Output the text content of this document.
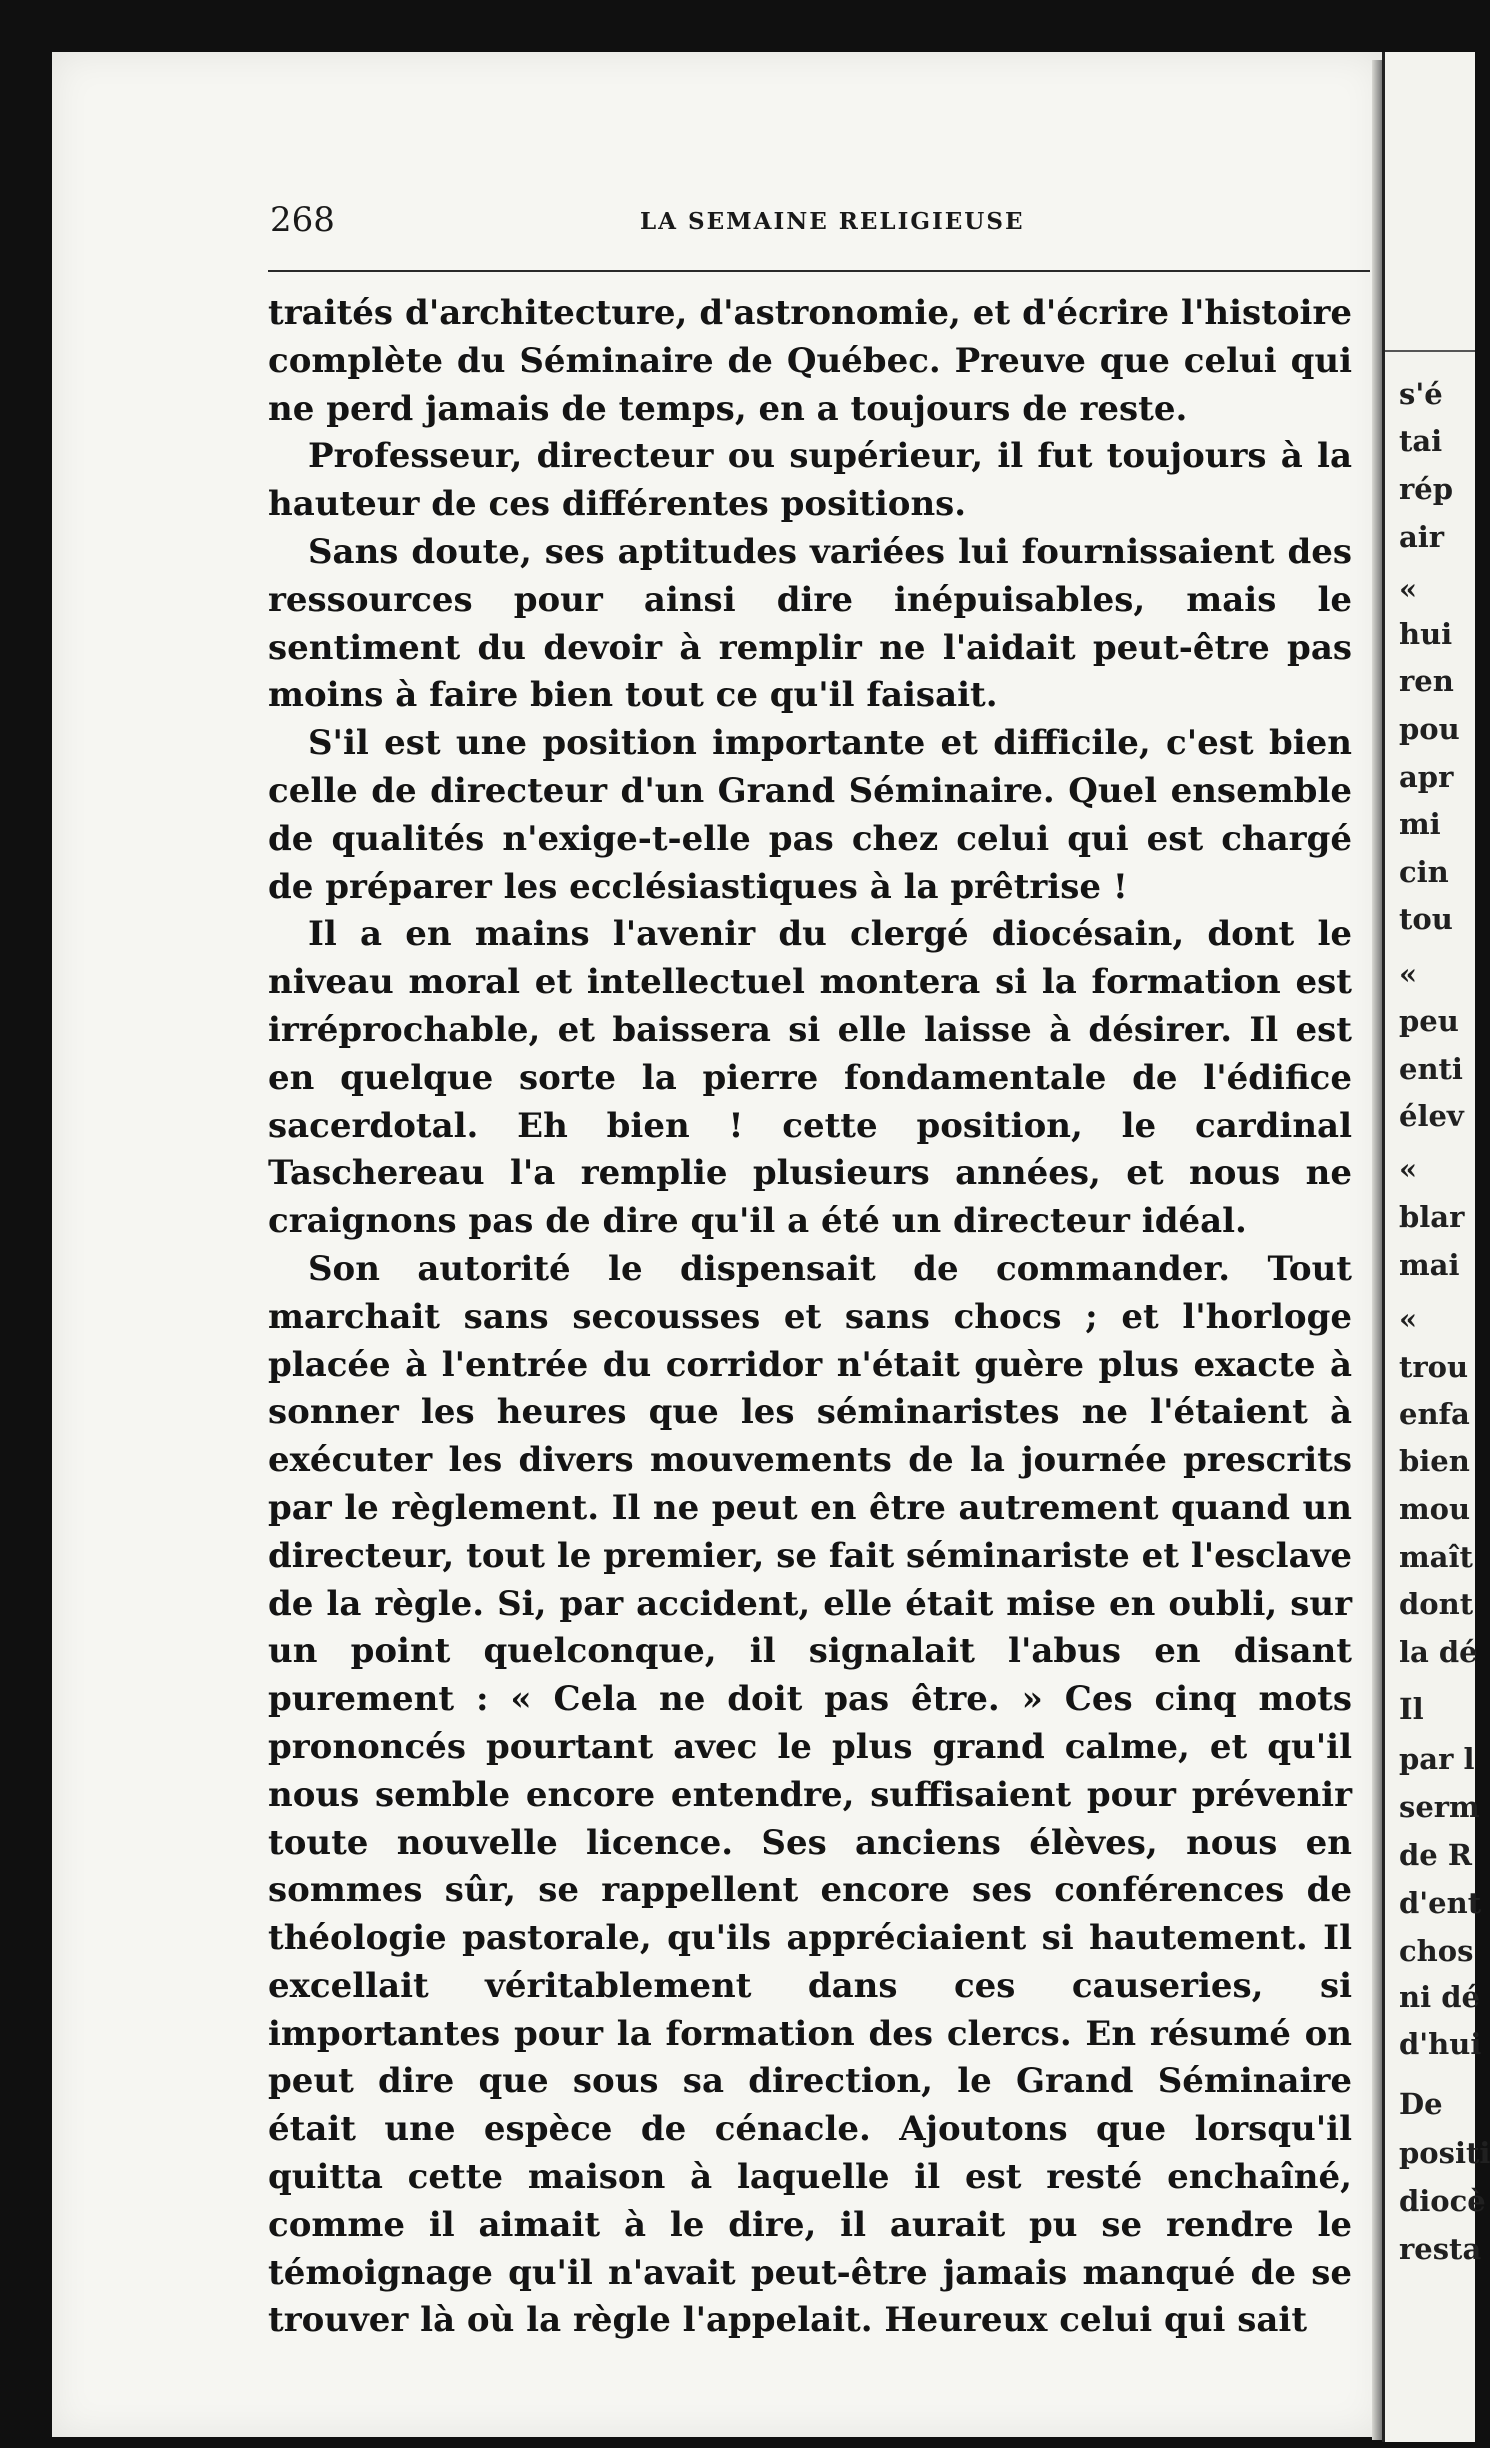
268	LA SEMAINE RELIGIEUSE

traités d'architecture, d'astronomie, et d'écrire l'histoire complète du Séminaire de Québec. Preuve que celui qui ne perd jamais de temps, en a toujours de reste.

Professeur, directeur ou supérieur, il fut toujours à la hauteur de ces différentes positions.

Sans doute, ses aptitudes variées lui fournissaient des ressources pour ainsi dire inépuisables, mais le sentiment du devoir à remplir ne l'aidait peut-être pas moins à faire bien tout ce qu'il faisait.

S'il est une position importante et difficile, c'est bien celle de directeur d'un Grand Séminaire. Quel ensemble de qualités n'exige-t-elle pas chez celui qui est chargé de préparer les ecclésiastiques à la prêtrise !

Il a en mains l'avenir du clergé diocésain, dont le niveau moral et intellectuel montera si la formation est irréprochable, et baissera si elle laisse à désirer. Il est en quelque sorte la pierre fondamentale de l'édifice sacerdotal. Eh bien ! cette position, le cardinal Taschereau l'a remplie plusieurs années, et nous ne craignons pas de dire qu'il a été un directeur idéal.

Son autorité le dispensait de commander. Tout marchait sans secousses et sans chocs ; et l'horloge placée à l'entrée du corridor n'était guère plus exacte à sonner les heures que les séminaristes ne l'étaient à exécuter les divers mouvements de la journée prescrits par le règlement. Il ne peut en être autrement quand un directeur, tout le premier, se fait séminariste et l'esclave de la règle. Si, par accident, elle était mise en oubli, sur un point quelconque, il signalait l'abus en disant purement : « Cela ne doit pas être. » Ces cinq mots prononcés pourtant avec le plus grand calme, et qu'il nous semble encore entendre, suffisaient pour prévenir toute nouvelle licence. Ses anciens élèves, nous en sommes sûr, se rappellent encore ses conférences de théologie pastorale, qu'ils appréciaient si hautement. Il excellait véritablement dans ces causeries, si importantes pour la formation des clercs. En résumé on peut dire que sous sa direction, le Grand Séminaire était une espèce de cénacle. Ajoutons que lorsqu'il quitta cette maison à laquelle il est resté enchaîné, comme il aimait à le dire, il aurait pu se rendre le témoignage qu'il n'avait peut-être jamais manqué de se trouver là où la règle l'appelait. Heureux celui qui sait

s'é
tai
rép
air
«
hui
ren
pou
apr
mi
cin
tou
«
peu
enti
élev
«
blar
mai
«
trou
enfa
bien
mou
maît
dont
la dé
Il
par l
serm
de R
d'ent
chos
ni dé
d'hui
De
positi
diocè
resta
